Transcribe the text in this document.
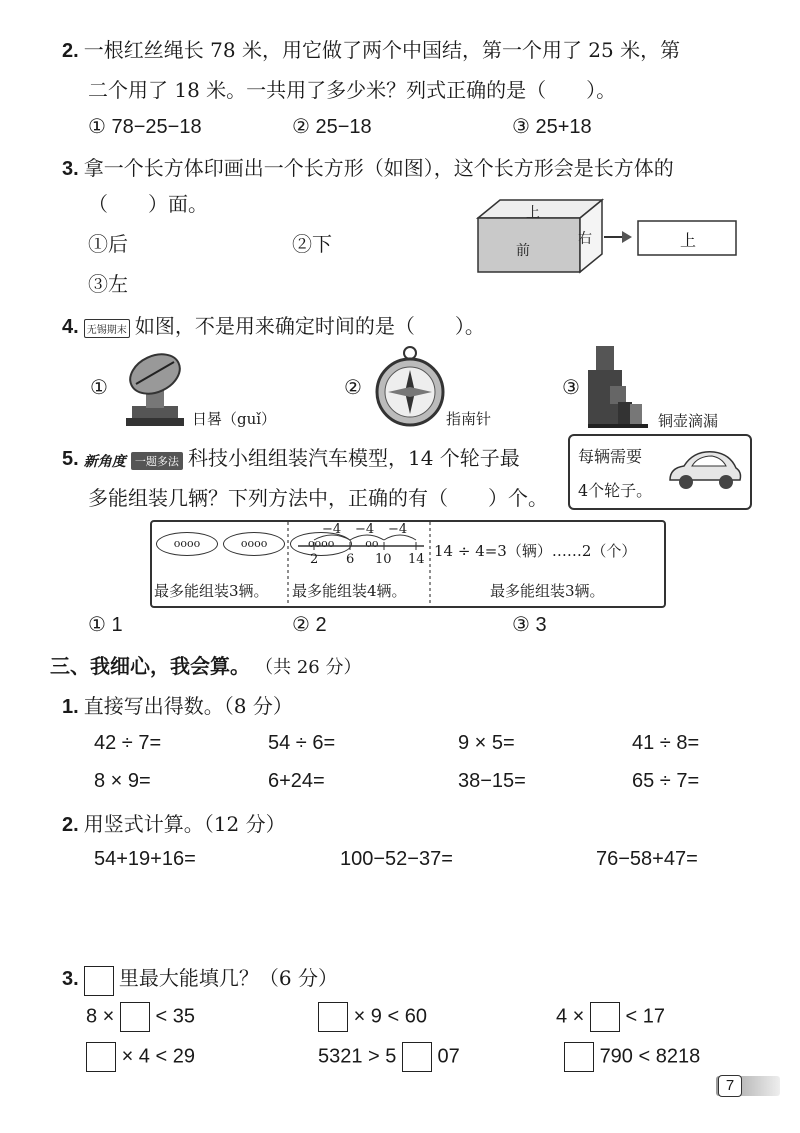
2. 一根红丝绳长 78 米，用它做了两个中国结，第一个用了 25 米，第
二个用了 18 米。一共用了多少米？列式正确的是（　　）。
① 78−25−18	② 25−18	③ 25+18
3. 拿一个长方体印画出一个长方形（如图），这个长方形会是长方体的
（　　）面。
①后	②下
③左
上
前
右	上
4. 无锡期末 如图，不是用来确定时间的是（　　）。
①
日晷（guǐ）
②
指南针
③
铜壶滴漏
5. 新角度 一题多法 科技小组组装汽车模型，14 个轮子最
多能组装几辆？下列方法中，正确的有（　　）个。
每辆需要
4个轮子。
oooo	oooo	oooo	oo
最多能组装3辆。
−4 −4 −4
2 6 10 14
最多能组装4辆。
14 ÷ 4=3（辆）……2（个）
最多能组装3辆。
① 1	② 2	③ 3
三、我细心，我会算。 （共 26 分）
1. 直接写出得数。（8 分）
42 ÷ 7=	54 ÷ 6=	9 × 5=	41 ÷ 8=
8 × 9=	6+24=	38−15=	65 ÷ 7=
2. 用竖式计算。（12 分）
54+19+16=	100−52−37=	76−58+47=
3. 里最大能填几？（6 分）
8 × < 35	× 9 < 60	4 × < 17
× 4 < 29	5321 > 5 07	790 < 8218
7
